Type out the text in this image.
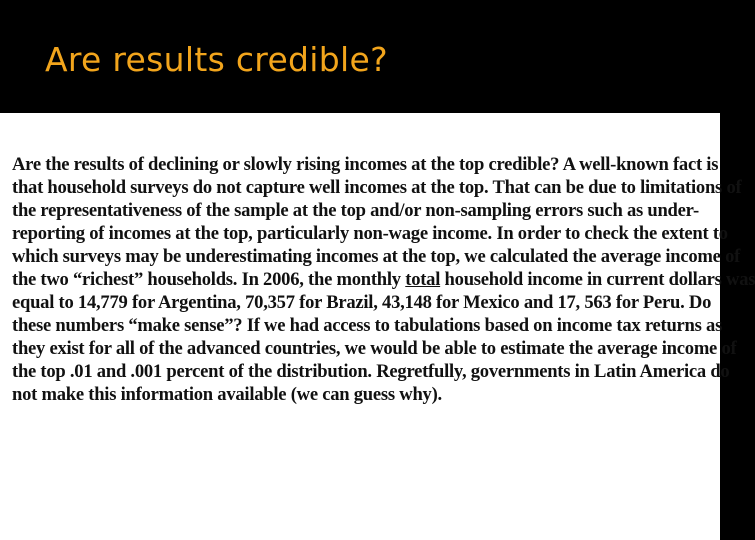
Are results credible?

Are the results of declining or slowly rising incomes at the top credible? A well-known fact is
that household surveys do not capture well incomes at the top. That can be due to limitations of
the representativeness of the sample at the top and/or non-sampling errors such as under-
reporting of incomes at the top, particularly non-wage income. In order to check the extent to
which surveys may be underestimating incomes at the top, we calculated the average income of
the two “richest” households. In 2006, the monthly total household income in current dollars was
equal to 14,779 for Argentina, 70,357 for Brazil, 43,148 for Mexico and 17, 563 for Peru. Do
these numbers “make sense”? If we had access to tabulations based on income tax returns as
they exist for all of the advanced countries, we would be able to estimate the average income of
the top .01 and .001 percent of the distribution. Regretfully, governments in Latin America do
not make this information available (we can guess why).
